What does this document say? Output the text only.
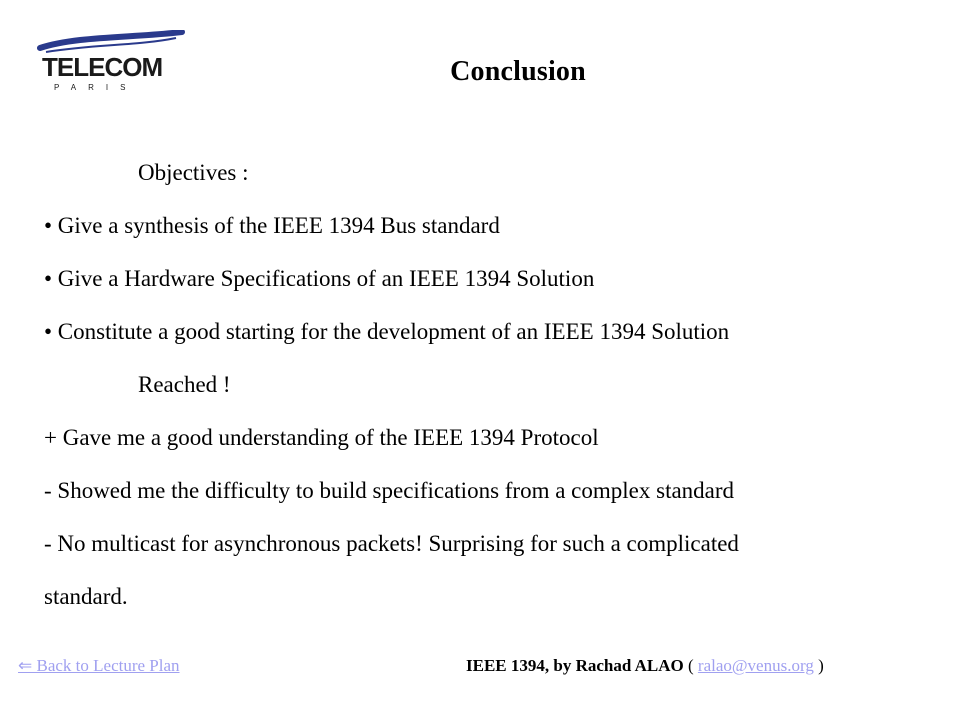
TELECOM
PARIS
Conclusion
Objectives :
• Give a synthesis of the IEEE 1394 Bus standard
• Give a Hardware Specifications of an IEEE 1394 Solution
• Constitute a good starting for the development of an IEEE 1394 Solution
Reached !
+ Gave me a good understanding of the IEEE 1394 Protocol
- Showed me the difficulty to build specifications from a complex standard
- No multicast for asynchronous packets! Surprising for such a complicated
standard.
⇐ Back to Lecture Plan	IEEE 1394, by Rachad ALAO ( ralao@venus.org )
